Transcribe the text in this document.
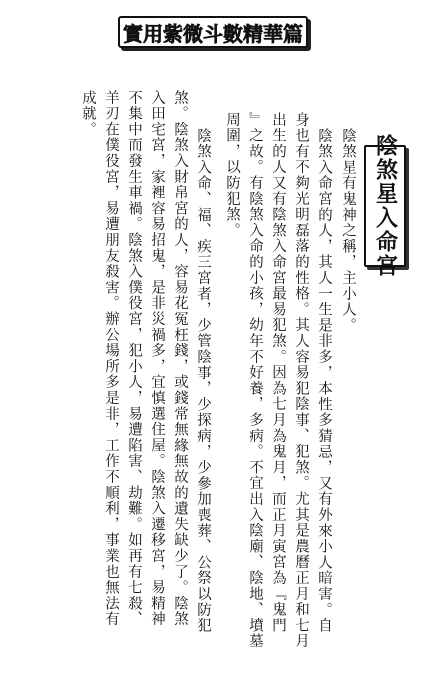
實用紫微斗數精華篇
陰煞星入命宮
陰煞星有鬼神之稱，主小人。
陰煞入命宮的人，其人一生是非多，本性多猜忌，又有外來小人暗害。自
身也有不夠光明磊落的性格。其人容易犯陰事、犯煞。尤其是農曆正月和七月
出生的人又有陰煞入命宮最易犯煞。因為七月為鬼月，而正月寅宮為『鬼門
』之故。有陰煞入命的小孩，幼年不好養，多病。不宜出入陰廟、陰地、墳墓
周圍，以防犯煞。
陰煞入命、福、疾三宮者，少管陰事，少探病，少參加喪葬、公祭以防犯
煞。陰煞入財帛宮的人，容易花冤枉錢，或錢常無緣無故的遺失缺少了。陰煞
入田宅宮，家裡容易招鬼，是非災禍多，宜慎選住屋。陰煞入遷移宮，易精神
不集中而發生車禍。陰煞入僕役宮，犯小人，易遭陷害、劫難。如再有七殺、
羊刃在僕役宮，易遭朋友殺害。辦公場所多是非，工作不順利，事業也無法有
成就。
